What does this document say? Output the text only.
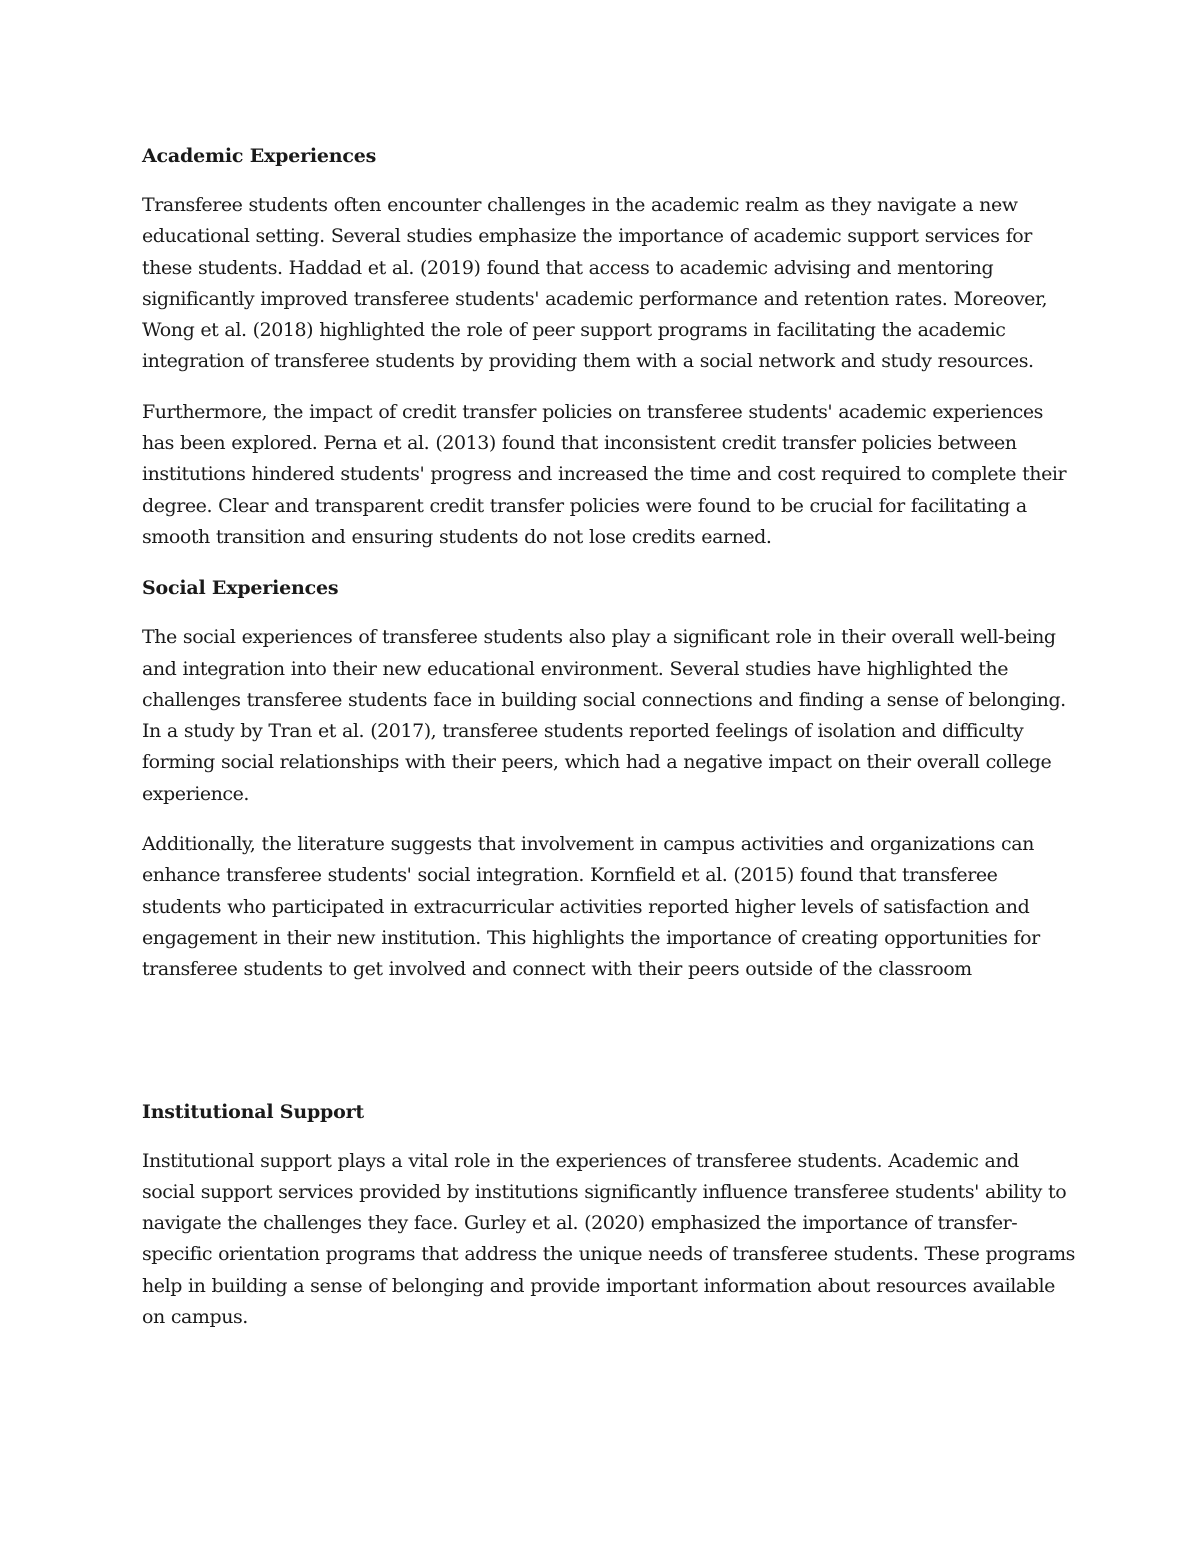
Academic Experiences

Transferee students often encounter challenges in the academic realm as they navigate a new educational setting. Several studies emphasize the importance of academic support services for these students. Haddad et al. (2019) found that access to academic advising and mentoring significantly improved transferee students' academic performance and retention rates. Moreover, Wong et al. (2018) highlighted the role of peer support programs in facilitating the academic integration of transferee students by providing them with a social network and study resources.

Furthermore, the impact of credit transfer policies on transferee students' academic experiences has been explored. Perna et al. (2013) found that inconsistent credit transfer policies between institutions hindered students' progress and increased the time and cost required to complete their degree. Clear and transparent credit transfer policies were found to be crucial for facilitating a smooth transition and ensuring students do not lose credits earned.

Social Experiences

The social experiences of transferee students also play a significant role in their overall well-being and integration into their new educational environment. Several studies have highlighted the challenges transferee students face in building social connections and finding a sense of belonging. In a study by Tran et al. (2017), transferee students reported feelings of isolation and difficulty forming social relationships with their peers, which had a negative impact on their overall college experience.

Additionally, the literature suggests that involvement in campus activities and organizations can enhance transferee students' social integration. Kornfield et al. (2015) found that transferee students who participated in extracurricular activities reported higher levels of satisfaction and engagement in their new institution. This highlights the importance of creating opportunities for transferee students to get involved and connect with their peers outside of the classroom

Institutional Support

Institutional support plays a vital role in the experiences of transferee students. Academic and social support services provided by institutions significantly influence transferee students' ability to navigate the challenges they face. Gurley et al. (2020) emphasized the importance of transfer-specific orientation programs that address the unique needs of transferee students. These programs help in building a sense of belonging and provide important information about resources available on campus.
